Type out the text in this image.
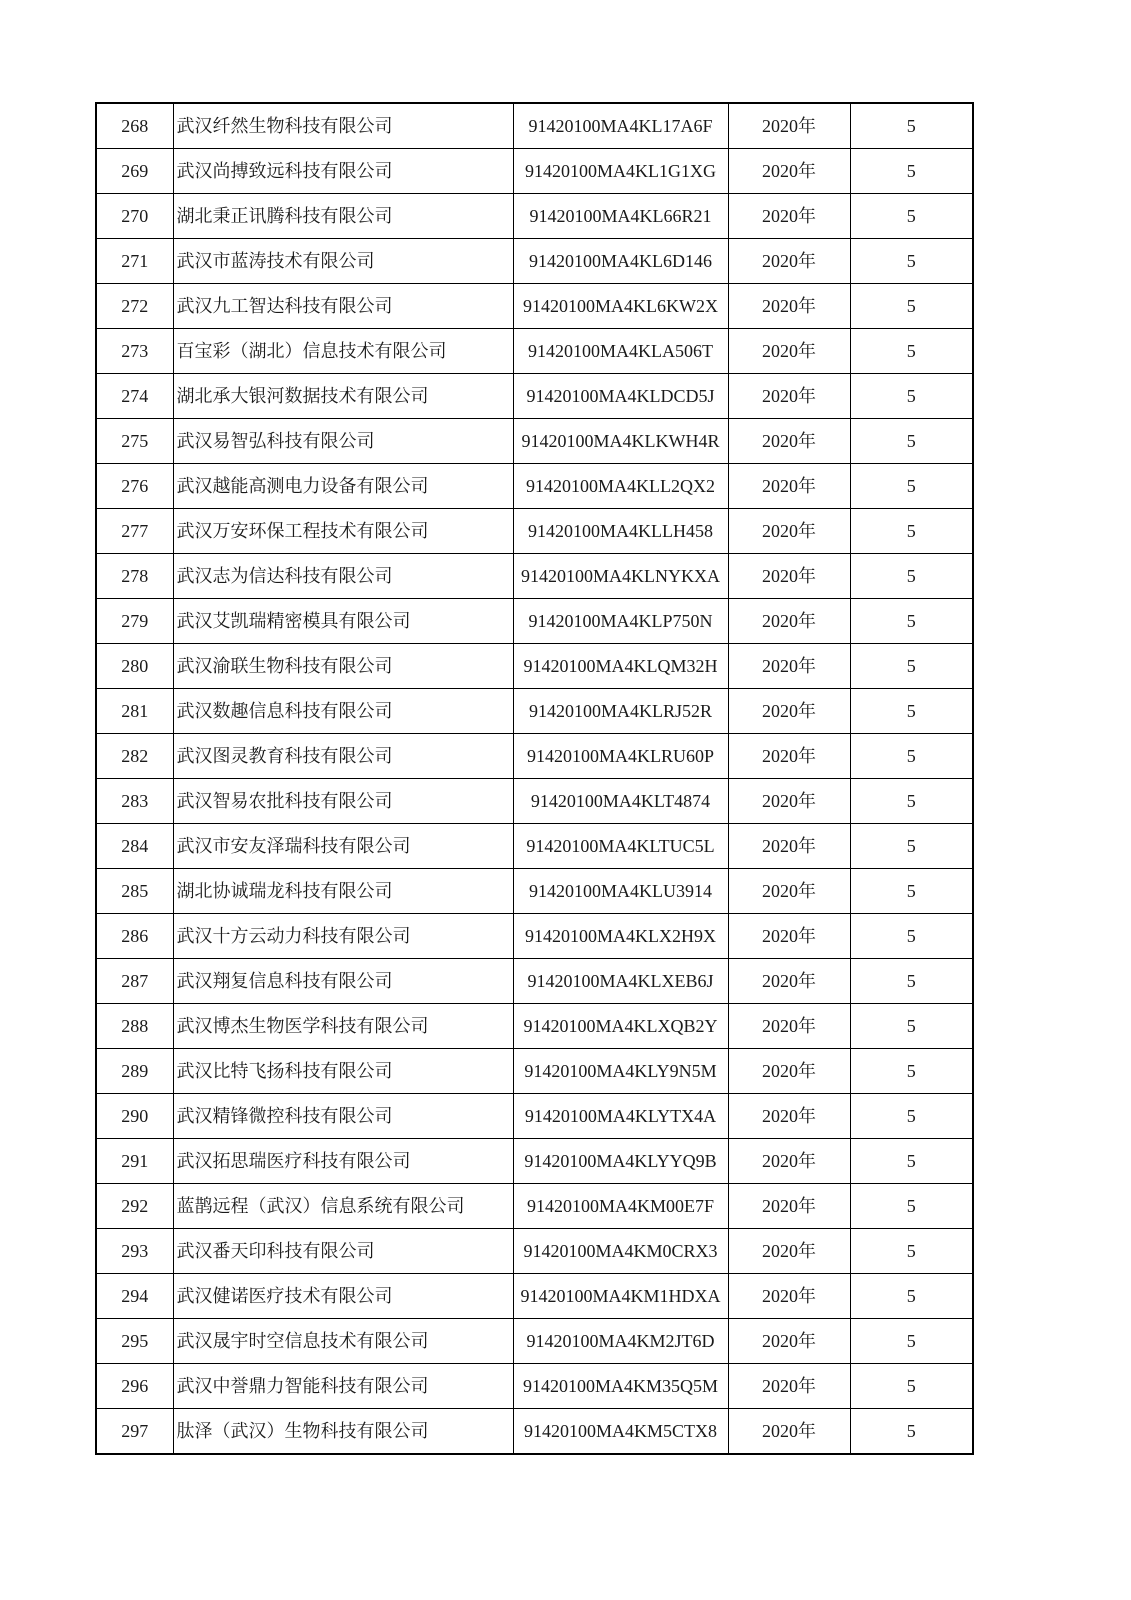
268	武汉纤然生物科技有限公司	91420100MA4KL17A6F	2020年	5
269	武汉尚搏致远科技有限公司	91420100MA4KL1G1XG	2020年	5
270	湖北秉正讯腾科技有限公司	91420100MA4KL66R21	2020年	5
271	武汉市蓝涛技术有限公司	91420100MA4KL6D146	2020年	5
272	武汉九工智达科技有限公司	91420100MA4KL6KW2X	2020年	5
273	百宝彩（湖北）信息技术有限公司	91420100MA4KLA506T	2020年	5
274	湖北承大银河数据技术有限公司	91420100MA4KLDCD5J	2020年	5
275	武汉易智弘科技有限公司	91420100MA4KLKWH4R	2020年	5
276	武汉越能高测电力设备有限公司	91420100MA4KLL2QX2	2020年	5
277	武汉万安环保工程技术有限公司	91420100MA4KLLH458	2020年	5
278	武汉志为信达科技有限公司	91420100MA4KLNYKXA	2020年	5
279	武汉艾凯瑞精密模具有限公司	91420100MA4KLP750N	2020年	5
280	武汉渝联生物科技有限公司	91420100MA4KLQM32H	2020年	5
281	武汉数趣信息科技有限公司	91420100MA4KLRJ52R	2020年	5
282	武汉图灵教育科技有限公司	91420100MA4KLRU60P	2020年	5
283	武汉智易农批科技有限公司	91420100MA4KLT4874	2020年	5
284	武汉市安友泽瑞科技有限公司	91420100MA4KLTUC5L	2020年	5
285	湖北协诚瑞龙科技有限公司	91420100MA4KLU3914	2020年	5
286	武汉十方云动力科技有限公司	91420100MA4KLX2H9X	2020年	5
287	武汉翔复信息科技有限公司	91420100MA4KLXEB6J	2020年	5
288	武汉博杰生物医学科技有限公司	91420100MA4KLXQB2Y	2020年	5
289	武汉比特飞扬科技有限公司	91420100MA4KLY9N5M	2020年	5
290	武汉精锋微控科技有限公司	91420100MA4KLYTX4A	2020年	5
291	武汉拓思瑞医疗科技有限公司	91420100MA4KLYYQ9B	2020年	5
292	蓝鹊远程（武汉）信息系统有限公司	91420100MA4KM00E7F	2020年	5
293	武汉番天印科技有限公司	91420100MA4KM0CRX3	2020年	5
294	武汉健诺医疗技术有限公司	91420100MA4KM1HDXA	2020年	5
295	武汉晟宇时空信息技术有限公司	91420100MA4KM2JT6D	2020年	5
296	武汉中誉鼎力智能科技有限公司	91420100MA4KM35Q5M	2020年	5
297	肽泽（武汉）生物科技有限公司	91420100MA4KM5CTX8	2020年	5
